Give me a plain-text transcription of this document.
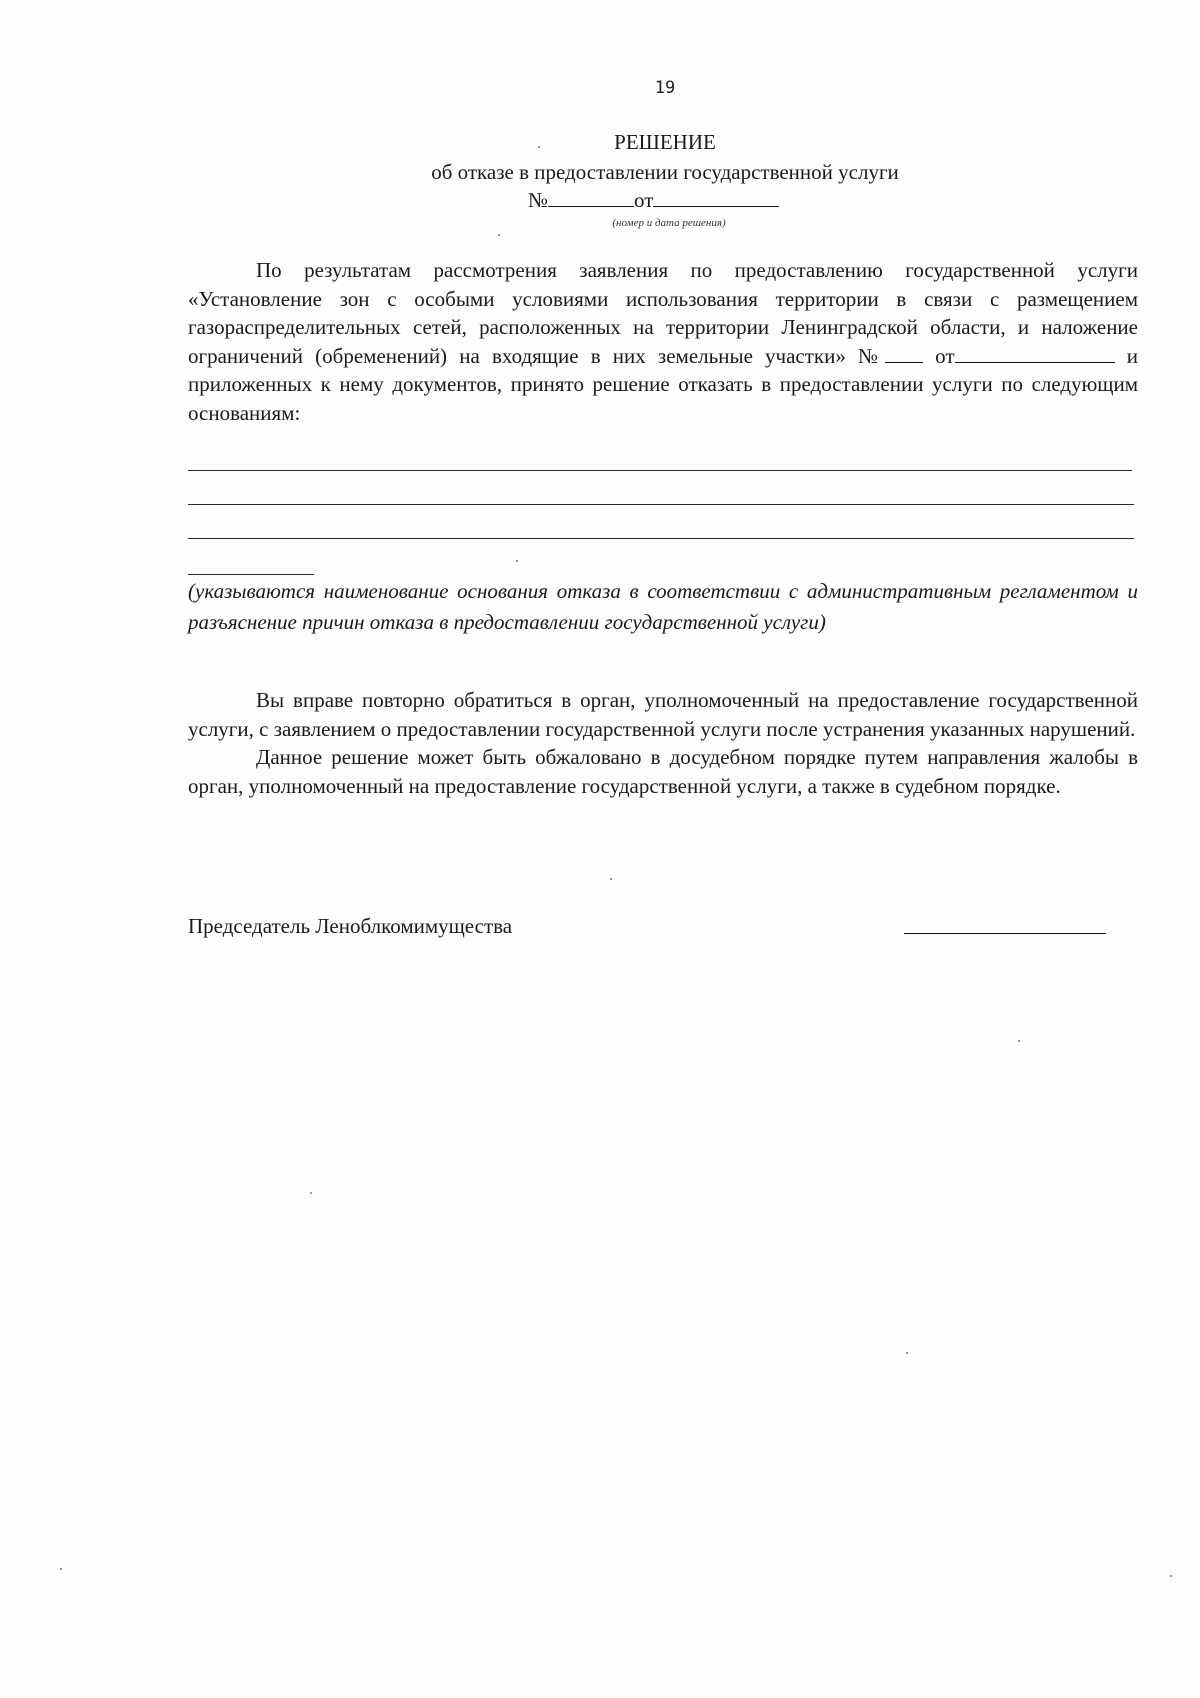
19
РЕШЕНИЕ
об отказе в предоставлении государственной услуги
№	от
(номер и дата решения)
По результатам рассмотрения заявления по предоставлению государственной услуги «Установление зон с особыми условиями использования территории в связи с размещением газораспределительных сетей, расположенных на территории Ленинградской области, и наложение ограничений (обременений) на входящие в них земельные участки» № от	и приложенных к нему документов, принято решение отказать в предоставлении услуги по следующим основаниям:
(указываются наименование основания отказа в соответствии с административным регламентом и разъяснение причин отказа в предоставлении государственной услуги)
Вы вправе повторно обратиться в орган, уполномоченный на предоставление государственной услуги, с заявлением о предоставлении государственной услуги после устранения указанных нарушений.
Данное решение может быть обжаловано в досудебном порядке путем направления жалобы в орган, уполномоченный на предоставление государственной услуги, а также в судебном порядке.
Председатель Леноблкомимущества
